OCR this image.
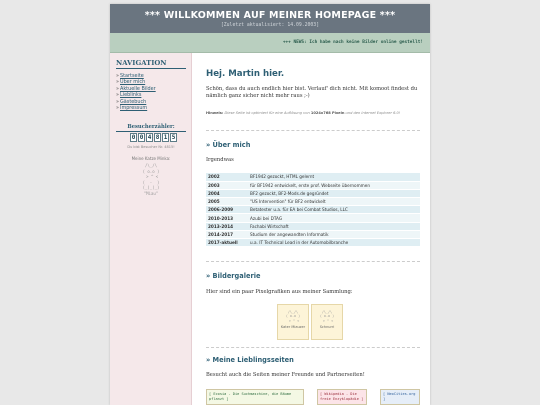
*** WILLKOMMEN AUF MEINER HOMEPAGE ***
[Zuletzt aktualisiert: 14.09.2003]
+++ NEWS: Ich habe nach keine Bilder online gestellt!
NAVIGATION
»Startseite
»Über mich
»Aktuelle Bilder
»Lieblinks
»Gästebuch
»Impressum
Besucherzähler:
0 0 4 8 1 5
Du bist Besucher Nr. 4815!
Meine Katze Minka:
/\_/\
( o.o )
> ^ <
(  -  )
(_)_(_)
"Miau"
Hej. Martin hier.
Schön, dass du auch endlich hier bist. Verlauf' dich nicht. Mit komoot findest du nämlich ganz sicher nicht mehr raus ;-)
Hinweis: Diese Seite ist optimiert für eine Auflösung von 1024x768 Pixeln und den Internet Explorer 6.0!
» Über mich
Irgendwas
2002	BF1942 gezockt, HTML gelernt
2003	für BF1942 entwickelt, erste prof. Webseite übernommen
2004	BF2 gezockt, BF2-Mods.de gegründet
2005	"US Intervention" für BF2 entwickelt
2006-2009	Betatester u.a. für EA bei Combat Studios, LLC
2010-2013	Azubi bei DTAG
2013-2014	Fachabi Wirtschaft
2014-2017	Studium der angewandten Informatik
2017-aktuell	u.a. IT Technical Lead in der Automobilbranche
» Bildergalerie
Hier sind ein paar Pixelgrafiken aus meiner Sammlung:
/\_/\
( o.o )
> ^ <
Kater Miauzer
/\_/\
( o.o )
> ^ <
Schnurri
» Meine Lieblingsseiten
Besucht auch die Seiten meiner Freunde und Partnerseiten!
[ Ecosia - Die Suchmaschine, die Bäume pflanzt ]
[ Wikipedia - Die freie Enzyklopädie ]
[ NeoCities.org ]
